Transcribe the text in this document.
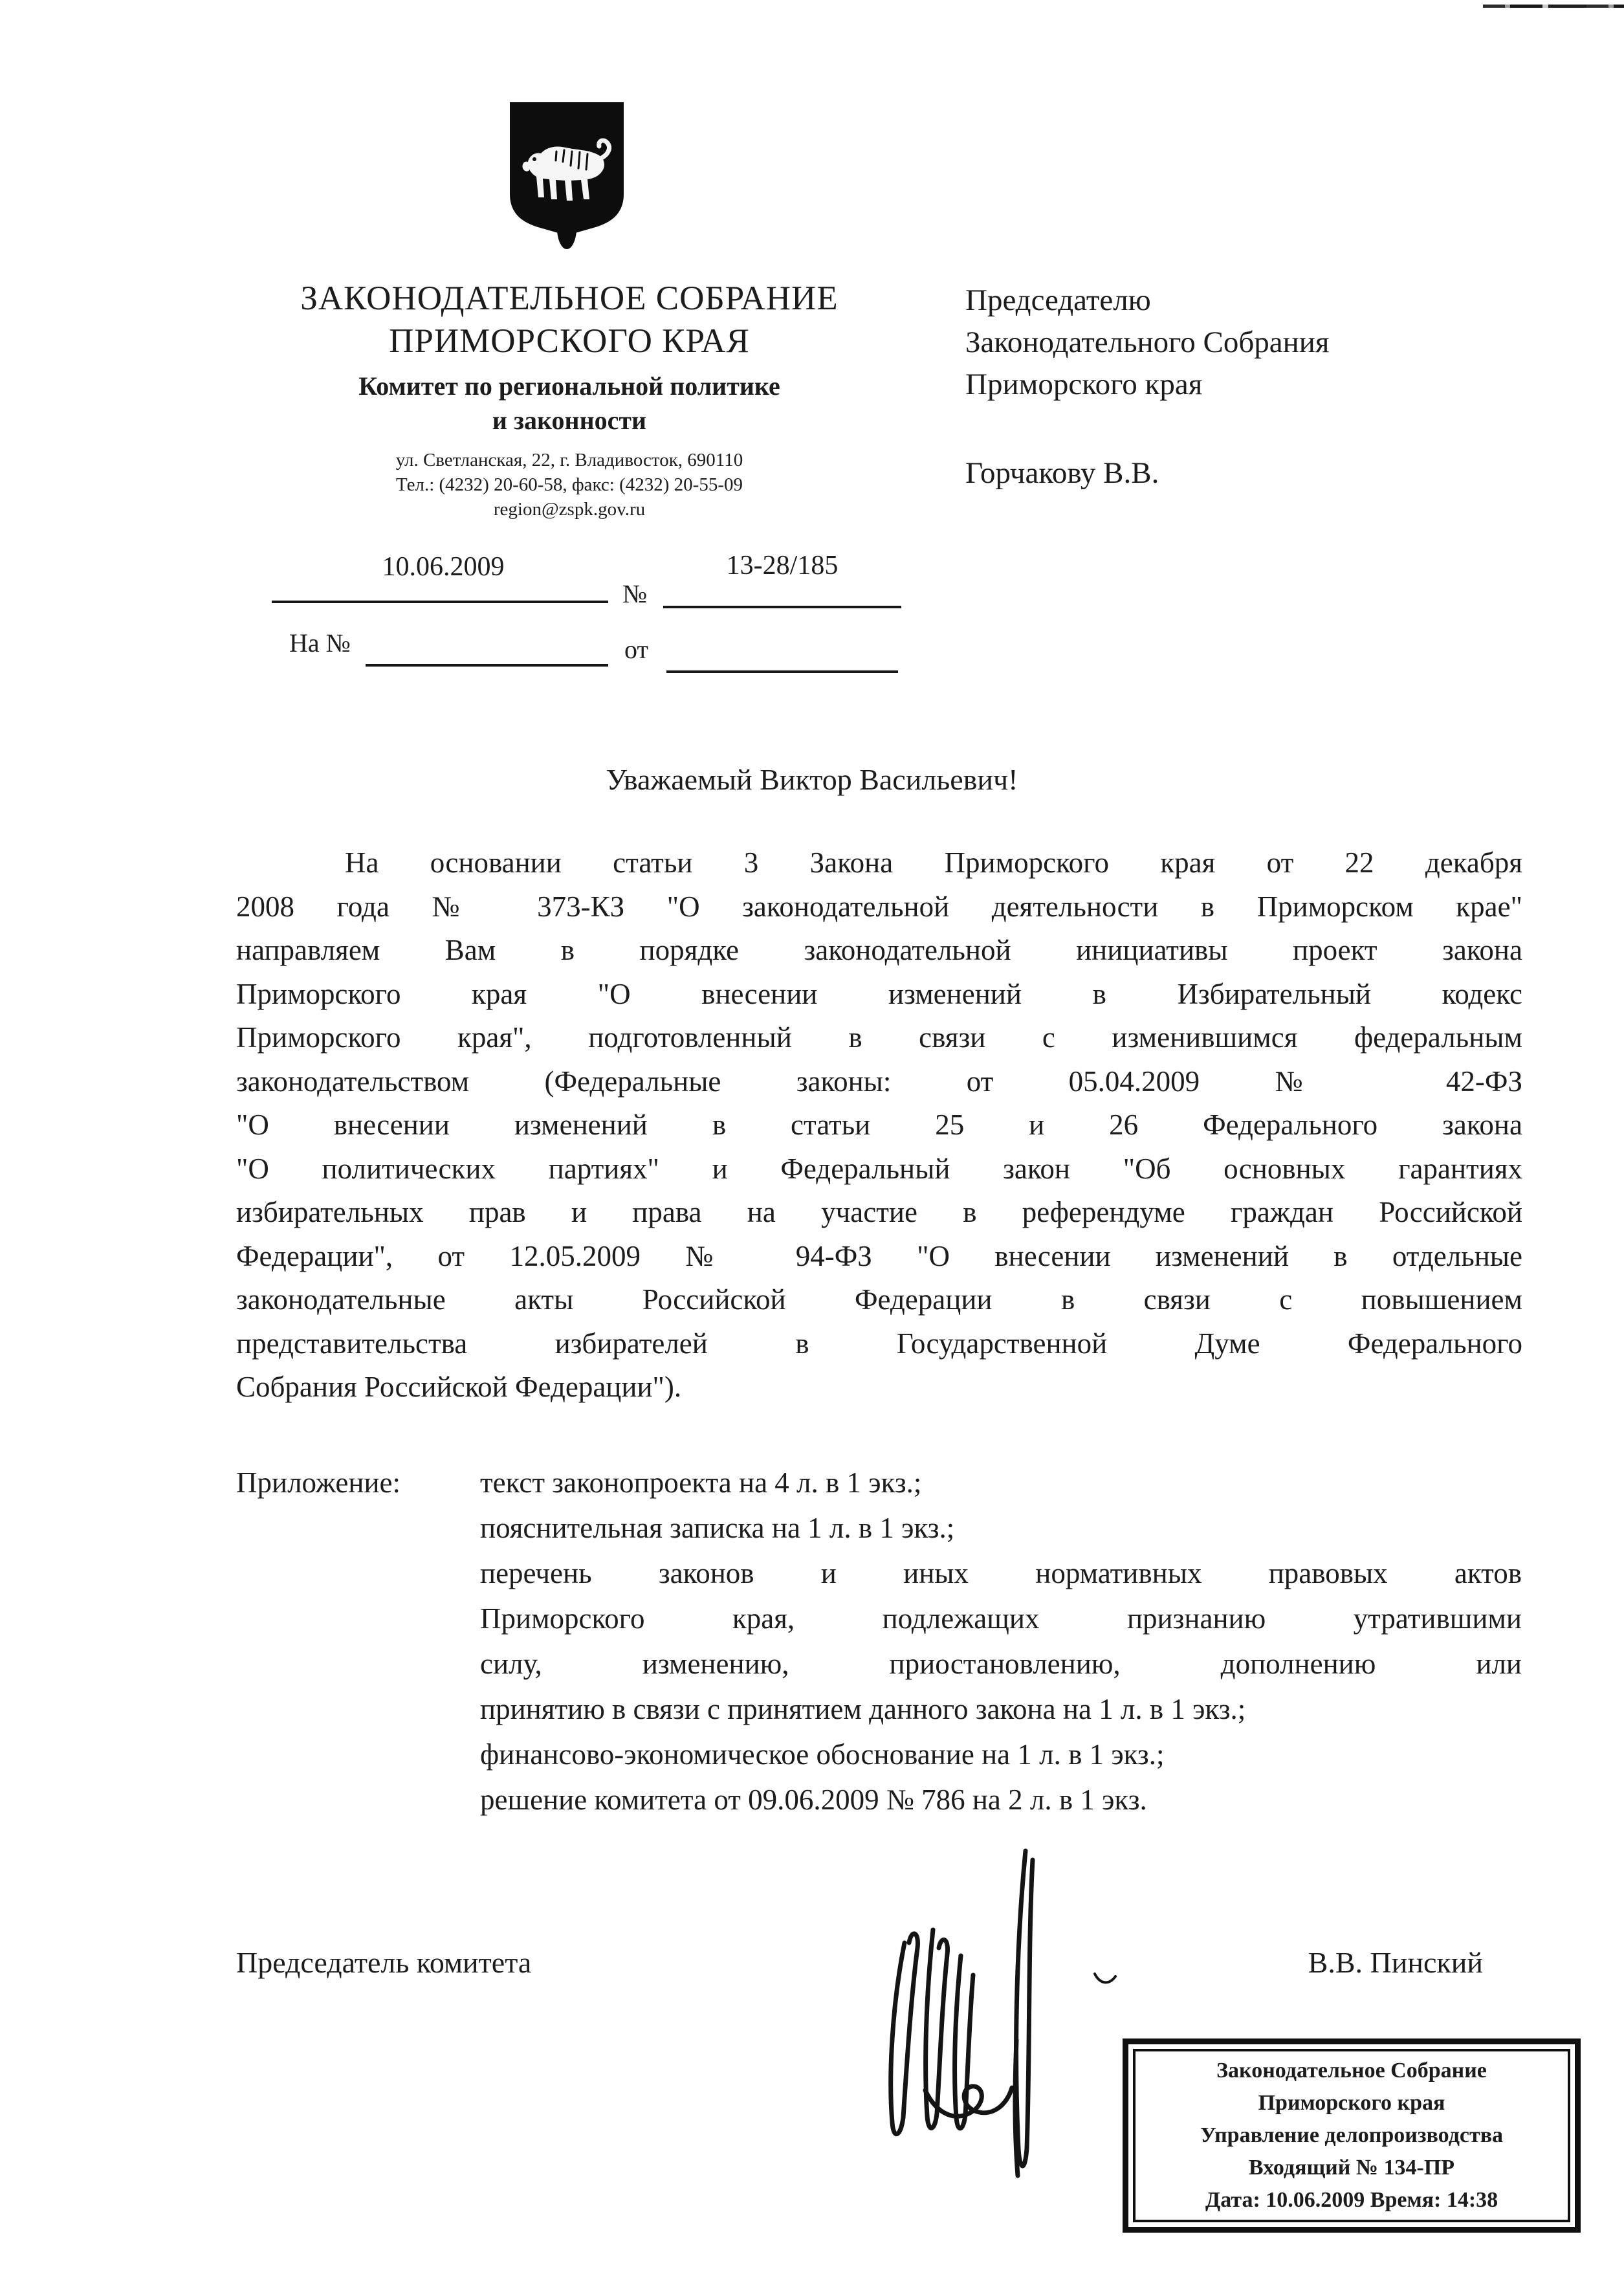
ЗАКОНОДАТЕЛЬНОЕ СОБРАНИЕ
ПРИМОРСКОГО КРАЯ
Комитет по региональной политике
и законности
ул. Светланская, 22, г. Владивосток, 690110
Тел.: (4232) 20-60-58, факс: (4232) 20-55-09
region@zspk.gov.ru
Председателю
Законодательного Собрания
Приморского края
Горчакову В.В.
10.06.2009
№
13-28/185
На №	от
Уважаемый Виктор Васильевич!
На основании статьи 3 Закона Приморского края от 22 декабря
2008 года № 373-КЗ "О законодательной деятельности в Приморском крае"
направляем Вам в порядке законодательной инициативы проект закона
Приморского края "О внесении изменений в Избирательный кодекс
Приморского края", подготовленный в связи с изменившимся федеральным
законодательством (Федеральные законы: от 05.04.2009 № 42-ФЗ
"О внесении изменений в статьи 25 и 26 Федерального закона
"О политических партиях" и Федеральный закон "Об основных гарантиях
избирательных прав и права на участие в референдуме граждан Российской
Федерации", от 12.05.2009 № 94-ФЗ "О внесении изменений в отдельные
законодательные акты Российской Федерации в связи с повышением
представительства избирателей в Государственной Думе Федерального
Собрания Российской Федерации").
Приложение:	текст законопроекта на 4 л. в 1 экз.;
пояснительная записка на 1 л. в 1 экз.;
перечень законов и иных нормативных правовых актов
Приморского края, подлежащих признанию утратившими
силу, изменению, приостановлению, дополнению или
принятию в связи с принятием данного закона на 1 л. в 1 экз.;
финансово-экономическое обоснование на 1 л. в 1 экз.;
решение комитета от 09.06.2009 № 786 на 2 л. в 1 экз.
Председатель комитета	В.В. Пинский
Законодательное Собрание
Приморского края
Управление делопроизводства
Входящий № 134-ПР
Дата: 10.06.2009 Время: 14:38
